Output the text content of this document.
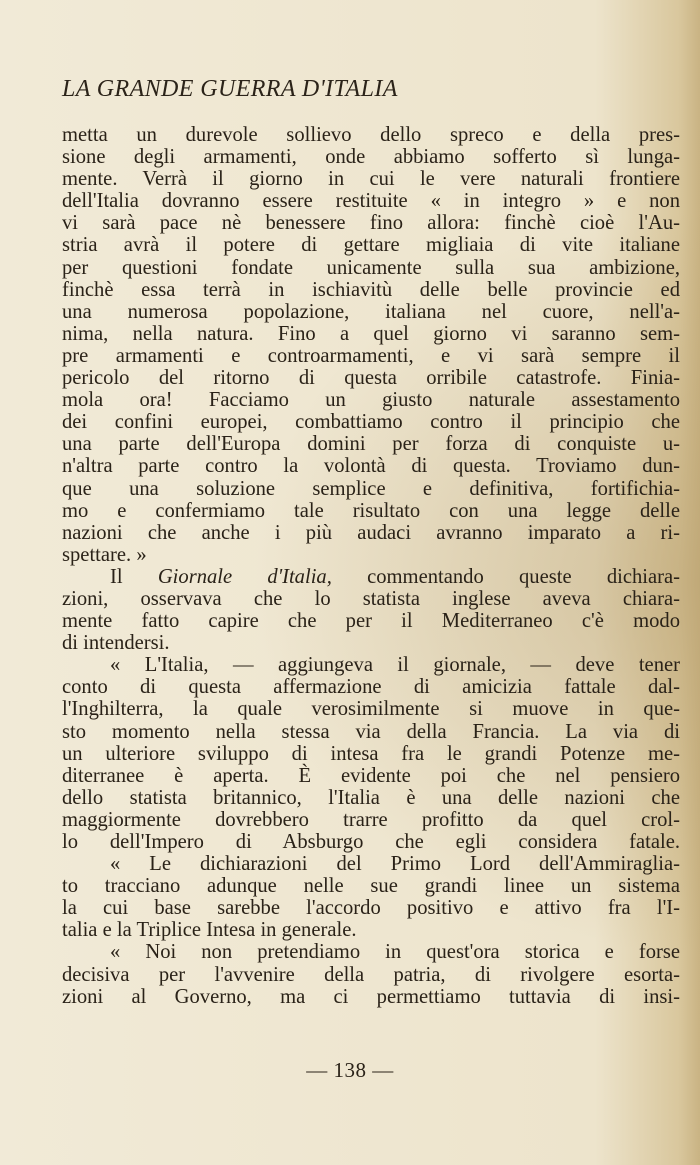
LA GRANDE GUERRA D'ITALIA
metta un durevole sollievo dello spreco e della pres-
sione degli armamenti, onde abbiamo sofferto sì lunga-
mente. Verrà il giorno in cui le vere naturali frontiere
dell'Italia dovranno essere restituite « in integro » e non
vi sarà pace nè benessere fino allora: finchè cioè l'Au-
stria avrà il potere di gettare migliaia di vite italiane
per questioni fondate unicamente sulla sua ambizione,
finchè essa terrà in ischiavitù delle belle provincie ed
una numerosa popolazione, italiana nel cuore, nell'a-
nima, nella natura. Fino a quel giorno vi saranno sem-
pre armamenti e controarmamenti, e vi sarà sempre il
pericolo del ritorno di questa orribile catastrofe. Finia-
mola ora! Facciamo un giusto naturale assestamento
dei confini europei, combattiamo contro il principio che
una parte dell'Europa domini per forza di conquiste u-
n'altra parte contro la volontà di questa. Troviamo dun-
que una soluzione semplice e definitiva, fortifichia-
mo e confermiamo tale risultato con una legge delle
nazioni che anche i più audaci avranno imparato a ri-
spettare. »
Il Giornale d'Italia, commentando queste dichiara-
zioni, osservava che lo statista inglese aveva chiara-
mente fatto capire che per il Mediterraneo c'è modo
di intendersi.
« L'Italia, — aggiungeva il giornale, — deve tener
conto di questa affermazione di amicizia fattale dal-
l'Inghilterra, la quale verosimilmente si muove in que-
sto momento nella stessa via della Francia. La via di
un ulteriore sviluppo di intesa fra le grandi Potenze me-
diterranee è aperta. È evidente poi che nel pensiero
dello statista britannico, l'Italia è una delle nazioni che
maggiormente dovrebbero trarre profitto da quel crol-
lo dell'Impero di Absburgo che egli considera fatale.
« Le dichiarazioni del Primo Lord dell'Ammiraglia-
to tracciano adunque nelle sue grandi linee un sistema
la cui base sarebbe l'accordo positivo e attivo fra l'I-
talia e la Triplice Intesa in generale.
« Noi non pretendiamo in quest'ora storica e forse
decisiva per l'avvenire della patria, di rivolgere esorta-
zioni al Governo, ma ci permettiamo tuttavia di insi-
— 138 —
